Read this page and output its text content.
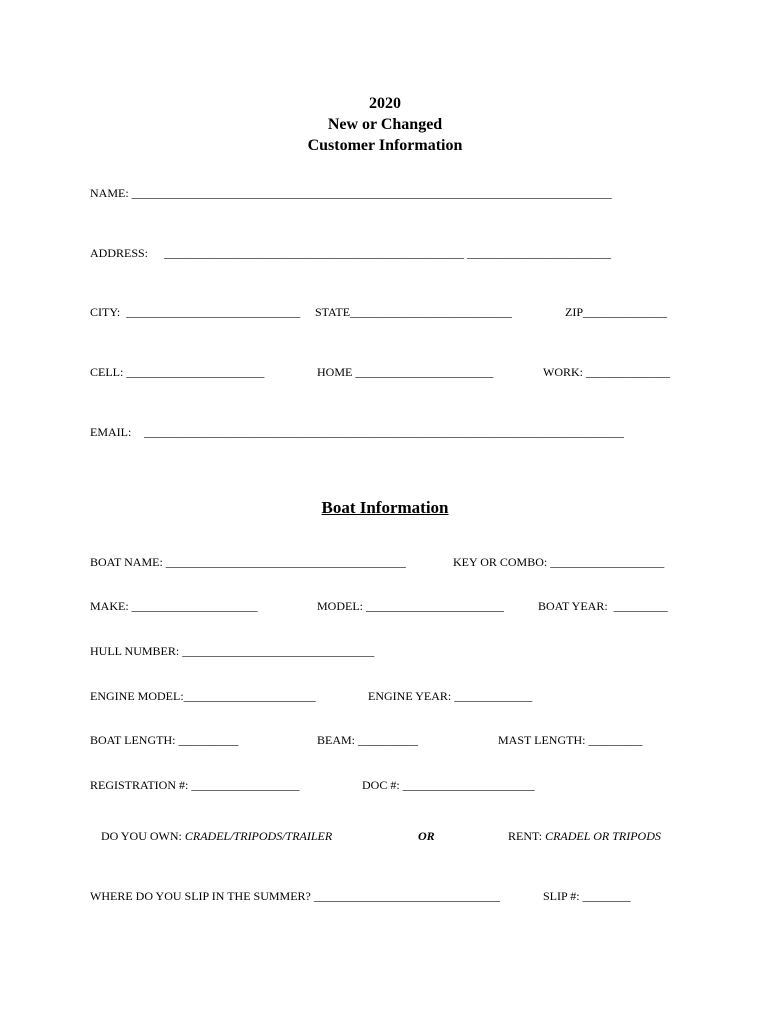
2020
New or Changed
Customer Information
NAME: ________________________________________________________________________________
ADDRESS: __________________________________________________ ________________________
CITY:  _____________________________ STATE___________________________	ZIP______________
CELL: _______________________	HOME _______________________	WORK: ______________
EMAIL: ________________________________________________________________________________
Boat Information
BOAT NAME: ________________________________________	KEY OR COMBO: ___________________
MAKE: _____________________	MODEL: _______________________	BOAT YEAR:  _________
HULL NUMBER: ________________________________
ENGINE MODEL:______________________	ENGINE YEAR: _____________
BOAT LENGTH: __________	BEAM: __________	MAST LENGTH: _________
REGISTRATION #: __________________	DOC #: ______________________
DO YOU OWN: CRADEL/TRIPODS/TRAILER	OR	RENT: CRADEL OR TRIPODS
WHERE DO YOU SLIP IN THE SUMMER? _______________________________	SLIP #: ________
